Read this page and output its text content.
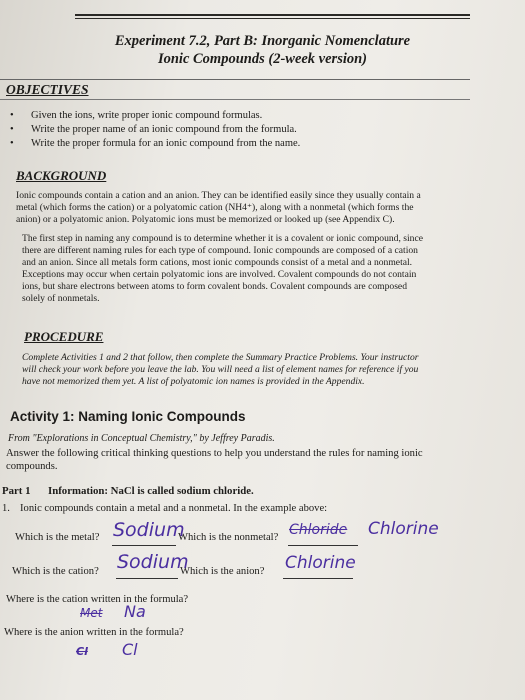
Experiment 7.2, Part B: Inorganic Nomenclature
Ionic Compounds (2-week version)
OBJECTIVES
• Given the ions, write proper ionic compound formulas.
• Write the proper name of an ionic compound from the formula.
• Write the proper formula for an ionic compound from the name.
BACKGROUND
Ionic compounds contain a cation and an anion. They can be identified easily since they usually contain a
metal (which forms the cation) or a polyatomic cation (NH4⁺), along with a nonmetal (which forms the
anion) or a polyatomic anion. Polyatomic ions must be memorized or looked up (see Appendix C).
The first step in naming any compound is to determine whether it is a covalent or ionic compound, since
there are different naming rules for each type of compound. Ionic compounds are composed of a cation
and an anion. Since all metals form cations, most ionic compounds consist of a metal and a nonmetal.
Exceptions may occur when certain polyatomic ions are involved. Covalent compounds do not contain
ions, but share electrons between atoms to form covalent bonds. Covalent compounds are composed
solely of nonmetals.
PROCEDURE
Complete Activities 1 and 2 that follow, then complete the Summary Practice Problems. Your instructor
will check your work before you leave the lab. You will need a list of element names for reference if you
have not memorized them yet. A list of polyatomic ion names is provided in the Appendix.
Activity 1: Naming Ionic Compounds
From "Explorations in Conceptual Chemistry," by Jeffrey Paradis.
Answer the following critical thinking questions to help you understand the rules for naming ionic
compounds.
Part 1 Information: NaCl is called sodium chloride.
1. Ionic compounds contain a metal and a nonmetal. In the example above:
Which is the metal? Sodium
Which is the nonmetal? Chloride Chlorine
Which is the cation? Sodium
Which is the anion? Chlorine
Where is the cation written in the formula?
Met Na
Where is the anion written in the formula?
Cl Cl
